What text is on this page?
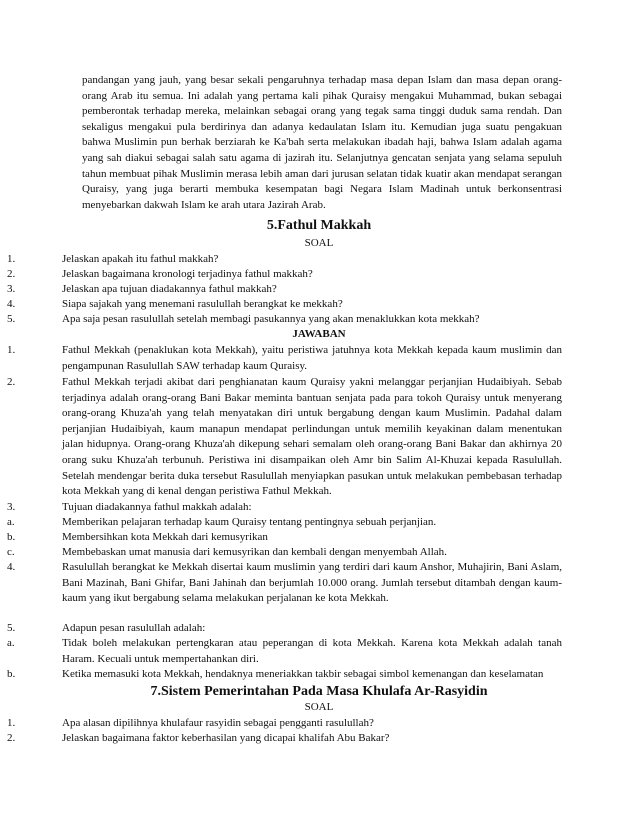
pandangan yang jauh, yang besar sekali pengaruhnya terhadap masa depan Islam dan masa depan orang-orang Arab itu semua. Ini adalah yang pertama kali pihak Quraisy mengakui Muhammad, bukan sebagai pemberontak terhadap mereka, melainkan sebagai orang yang tegak sama tinggi duduk sama rendah. Dan sekaligus mengakui pula berdirinya dan adanya kedaulatan Islam itu. Kemudian juga suatu pengakuan bahwa Muslimin pun berhak berziarah ke Ka'bah serta melakukan ibadah haji, bahwa Islam adalah agama yang sah diakui sebagai salah satu agama di jazirah itu. Selanjutnya gencatan senjata yang selama sepuluh tahun membuat pihak Muslimin merasa lebih aman dari jurusan selatan tidak kuatir akan mendapat serangan Quraisy, yang juga berarti membuka kesempatan bagi Negara Islam Madinah untuk berkonsentrasi menyebarkan dakwah Islam ke arah utara Jazirah Arab.
5.Fathul Makkah
SOAL
1.	Jelaskan apakah itu fathul makkah?
2.	Jelaskan bagaimana kronologi terjadinya fathul makkah?
3.	Jelaskan apa tujuan diadakannya fathul makkah?
4.	Siapa sajakah yang menemani rasulullah berangkat ke mekkah?
5.	Apa saja pesan rasulullah setelah membagi pasukannya yang akan menaklukkan kota mekkah?
JAWABAN
1.	Fathul Mekkah (penaklukan kota Mekkah), yaitu peristiwa jatuhnya kota Mekkah kepada kaum muslimin dan pengampunan Rasulullah SAW terhadap kaum Quraisy.
2.	Fathul Mekkah terjadi akibat dari penghianatan kaum Quraisy yakni melanggar perjanjian Hudaibiyah. Sebab terjadinya adalah orang-orang Bani Bakar meminta bantuan senjata pada para tokoh Quraisy untuk menyerang orang-orang Khuza'ah yang telah menyatakan diri untuk bergabung dengan kaum Muslimin. Padahal dalam perjanjian Hudaibiyah, kaum manapun mendapat perlindungan untuk memilih keyakinan dalam menentukan jalan hidupnya. Orang-orang Khuza'ah dikepung sehari semalam oleh orang-orang Bani Bakar dan akhirnya 20 orang suku Khuza'ah terbunuh. Peristiwa ini disampaikan oleh Amr bin Salim Al-Khuzai kepada Rasulullah. Setelah mendengar berita duka tersebut Rasulullah menyiapkan pasukan untuk melakukan pembebasan terhadap kota Mekkah yang di kenal dengan peristiwa Fathul Mekkah.
3.	Tujuan diadakannya fathul makkah adalah:
a.	Memberikan pelajaran terhadap kaum Quraisy tentang pentingnya sebuah perjanjian.
b.	Membersihkan kota Mekkah dari kemusyrikan
c.	Membebaskan umat manusia dari kemusyrikan dan kembali dengan menyembah Allah.
4.	Rasulullah berangkat ke Mekkah disertai kaum muslimin yang terdiri dari kaum Anshor, Muhajirin, Bani Aslam, Bani Mazinah, Bani Ghifar, Bani Jahinah dan berjumlah 10.000 orang. Jumlah tersebut ditambah dengan kaum-kaum yang ikut bergabung selama melakukan perjalanan ke kota Mekkah.
5.	Adapun pesan rasulullah adalah:
a.	Tidak boleh melakukan pertengkaran atau peperangan di kota Mekkah. Karena kota Mekkah adalah tanah Haram. Kecuali untuk mempertahankan diri.
b.	Ketika memasuki kota Mekkah, hendaknya meneriakkan takbir sebagai simbol kemenangan dan keselamatan
7.Sistem Pemerintahan Pada Masa Khulafa Ar-Rasyidin
SOAL
1.	Apa alasan dipilihnya khulafaur rasyidin sebagai pengganti rasulullah?
2.	Jelaskan bagaimana faktor keberhasilan yang dicapai khalifah Abu Bakar?
